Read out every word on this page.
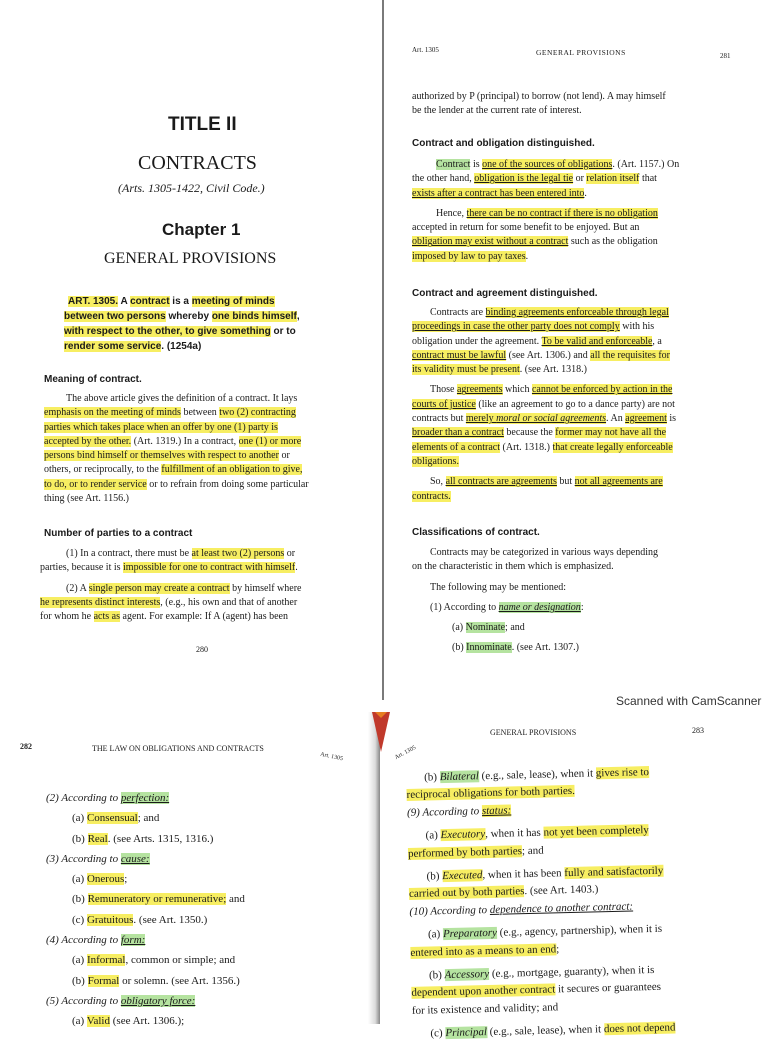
TITLE II
CONTRACTS
(Arts. 1305-1422, Civil Code.)
Chapter 1
GENERAL PROVISIONS

ART. 1305. A contract is a meeting of minds

between two persons whereby one binds himself,

with respect to the other, to give something or to

render some service. (1254a)

Meaning of contract.

The above article gives the definition of a contract. It lays

emphasis on the meeting of minds between two (2) contracting

parties which takes place when an offer by one (1) party is

accepted by the other. (Art. 1319.) In a contract, one (1) or more

persons bind himself or themselves with respect to another or

others, or reciprocally, to the fulfillment of an obligation to give,

to do, or to render service or to refrain from doing some particular

thing (see Art. 1156.)

Number of parties to a contract

(1) In a contract, there must be at least two (2) persons or

parties, because it is impossible for one to contract with himself.

(2) A single person may create a contract by himself where

he represents distinct interests, (e.g., his own and that of another

for whom he acts as agent. For example: If A (agent) has been

280
Art. 1305	GENERAL PROVISIONS	281

authorized by P (principal) to borrow (not lend). A may himself

be the lender at the current rate of interest.

Contract and obligation distinguished.

Contract is one of the sources of obligations. (Art. 1157.) On

the other hand, obligation is the legal tie or relation itself that

exists after a contract has been entered into.

Hence, there can be no contract if there is no obligation

accepted in return for some benefit to be enjoyed. But an

obligation may exist without a contract such as the obligation

imposed by law to pay taxes.

Contract and agreement distinguished.

Contracts are binding agreements enforceable through legal

proceedings in case the other party does not comply with his

obligation under the agreement. To be valid and enforceable, a

contract must be lawful (see Art. 1306.) and all the requisites for

its validity must be present. (see Art. 1318.)

Those agreements which cannot be enforced by action in the

courts of justice (like an agreement to go to a dance party) are not

contracts but merely moral or social agreements. An agreement is

broader than a contract because the former may not have all the

elements of a contract (Art. 1318.) that create legally enforceable

obligations.

So, all contracts are agreements but not all agreements are

contracts.

Classifications of contract.

Contracts may be categorized in various ways depending

on the characteristic in them which is emphasized.

The following may be mentioned:

(1) According to name or designation:

(a) Nominate; and

(b) Innominate. (see Art. 1307.)

Scanned with CamScanner
282	THE LAW ON OBLIGATIONS AND CONTRACTS
Art. 1305

(2) According to perfection:

(a) Consensual; and

(b) Real. (see Arts. 1315, 1316.)

(3) According to cause:

(a) Onerous;

(b) Remuneratory or remunerative; and

(c) Gratuitous. (see Art. 1350.)

(4) According to form:

(a) Informal, common or simple; and

(b) Formal or solemn. (see Art. 1356.)

(5) According to obligatory force:

(a) Valid (see Art. 1306.);

Art. 1305
GENERAL PROVISIONS	283

(b) Bilateral (e.g., sale, lease), when it gives rise to

reciprocal obligations for both parties.

(9) According to status:

(a) Executory, when it has not yet been completely

performed by both parties; and

(b) Executed, when it has been fully and satisfactorily

carried out by both parties. (see Art. 1403.)

(10) According to dependence to another contract:

(a) Preparatory (e.g., agency, partnership), when it is

entered into as a means to an end;

(b) Accessory (e.g., mortgage, guaranty), when it is

dependent upon another contract it secures or guarantees

for its existence and validity; and

(c) Principal (e.g., sale, lease), when it does not depend
